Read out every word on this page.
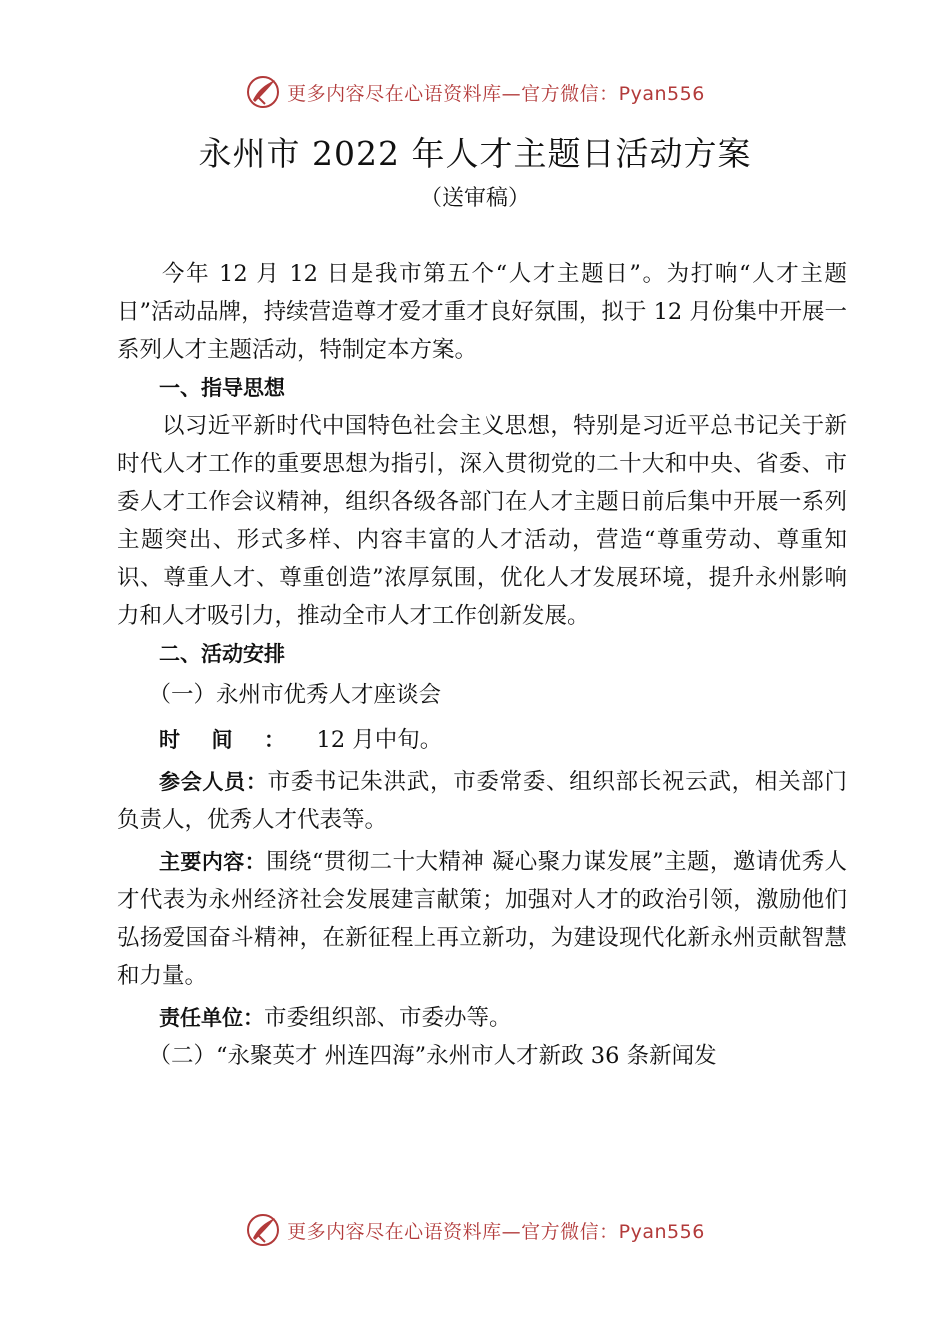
更多内容尽在心语资料库—官方微信：Pyan556
永州市 2022 年人才主题日活动方案
（送审稿）

今年 12 月 12 日是我市第五个“人才主题日”。为打响“人才主题日”活动品牌，持续营造尊才爱才重才良好氛围，拟于 12 月份集中开展一系列人才主题活动，特制定本方案。

一、指导思想

以习近平新时代中国特色社会主义思想，特别是习近平总书记关于新时代人才工作的重要思想为指引，深入贯彻党的二十大和中央、省委、市委人才工作会议精神，组织各级各部门在人才主题日前后集中开展一系列主题突出、形式多样、内容丰富的人才活动，营造“尊重劳动、尊重知识、尊重人才、尊重创造”浓厚氛围，优化人才发展环境，提升永州影响力和人才吸引力，推动全市人才工作创新发展。

二、活动安排
（一）永州市优秀人才座谈会

时间：12 月中旬。

参会人员：市委书记朱洪武，市委常委、组织部长祝云武，相关部门负责人，优秀人才代表等。

主要内容：围绕“贯彻二十大精神 凝心聚力谋发展”主题，邀请优秀人才代表为永州经济社会发展建言献策；加强对人才的政治引领，激励他们弘扬爱国奋斗精神，在新征程上再立新功，为建设现代化新永州贡献智慧和力量。

责任单位：市委组织部、市委办等。

（二）“永聚英才 州连四海”永州市人才新政 36 条新闻发
更多内容尽在心语资料库—官方微信：Pyan556
